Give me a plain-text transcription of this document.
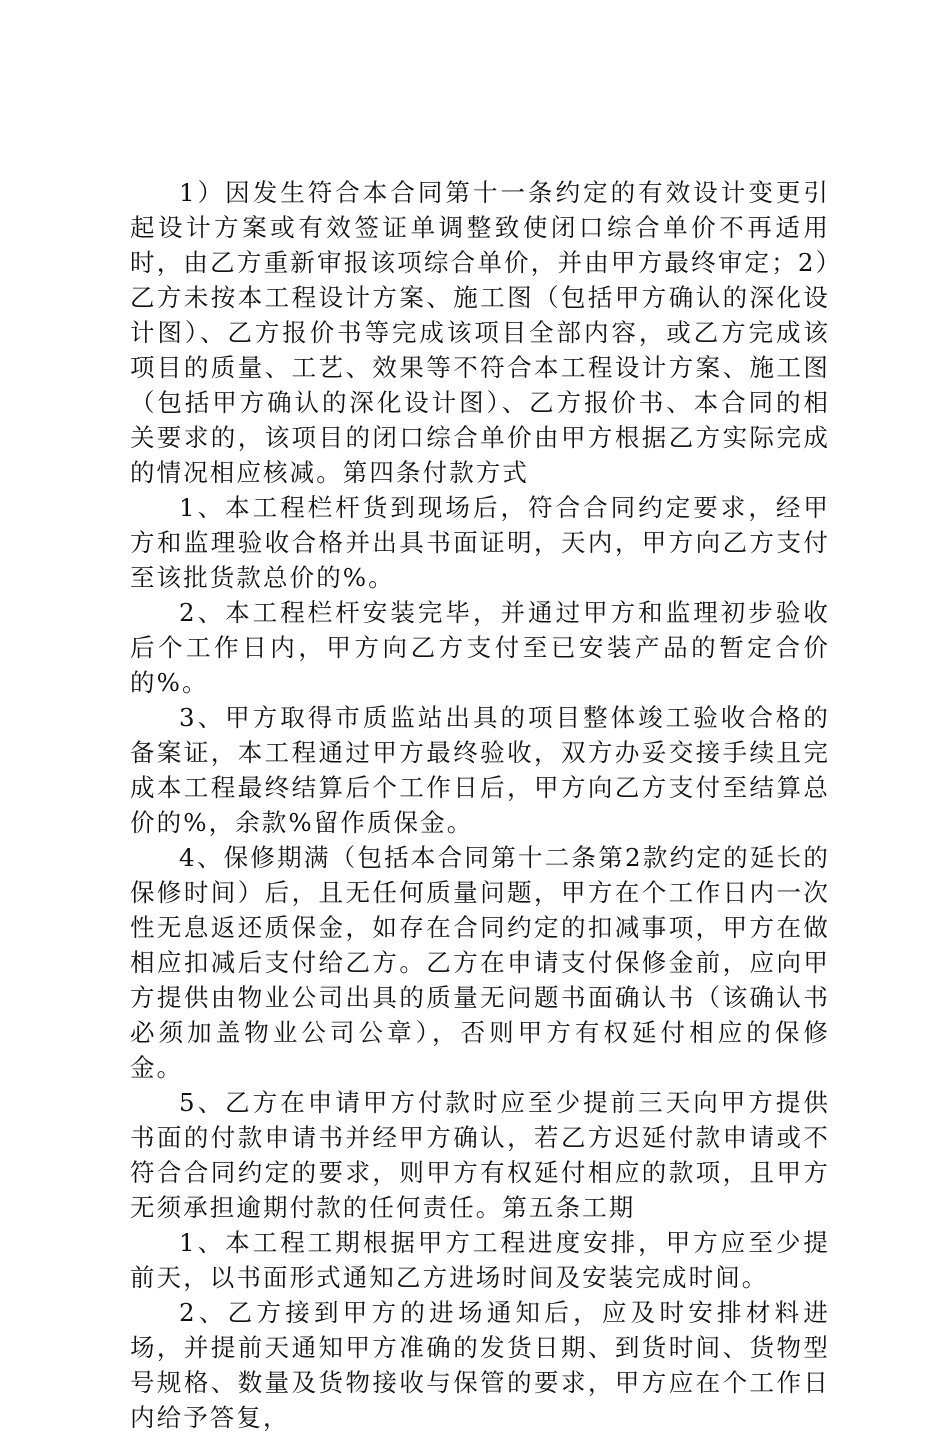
1）因发生符合本合同第十一条约定的有效设计变更引起设计方案或有效签证单调整致使闭口综合单价不再适用时，由乙方重新审报该项综合单价，并由甲方最终审定；2）乙方未按本工程设计方案、施工图（包括甲方确认的深化设计图）、乙方报价书等完成该项目全部内容，或乙方完成该项目的质量、工艺、效果等不符合本工程设计方案、施工图（包括甲方确认的深化设计图）、乙方报价书、本合同的相关要求的，该项目的闭口综合单价由甲方根据乙方实际完成的情况相应核减。第四条付款方式

1、本工程栏杆货到现场后，符合合同约定要求，经甲方和监理验收合格并出具书面证明，天内，甲方向乙方支付至该批货款总价的%。

2、本工程栏杆安装完毕，并通过甲方和监理初步验收后个工作日内，甲方向乙方支付至已安装产品的暂定合价的%。

3、甲方取得市质监站出具的项目整体竣工验收合格的备案证，本工程通过甲方最终验收，双方办妥交接手续且完成本工程最终结算后个工作日后，甲方向乙方支付至结算总价的%，余款%留作质保金。

4、保修期满（包括本合同第十二条第2款约定的延长的保修时间）后，且无任何质量问题，甲方在个工作日内一次性无息返还质保金，如存在合同约定的扣减事项，甲方在做相应扣减后支付给乙方。乙方在申请支付保修金前，应向甲方提供由物业公司出具的质量无问题书面确认书（该确认书必须加盖物业公司公章），否则甲方有权延付相应的保修金。

5、乙方在申请甲方付款时应至少提前三天向甲方提供书面的付款申请书并经甲方确认，若乙方迟延付款申请或不符合合同约定的要求，则甲方有权延付相应的款项，且甲方无须承担逾期付款的任何责任。第五条工期

1、本工程工期根据甲方工程进度安排，甲方应至少提前天，以书面形式通知乙方进场时间及安装完成时间。

2、乙方接到甲方的进场通知后，应及时安排材料进场，并提前天通知甲方准确的发货日期、到货时间、货物型号规格、数量及货物接收与保管的要求，甲方应在个工作日内给予答复，
